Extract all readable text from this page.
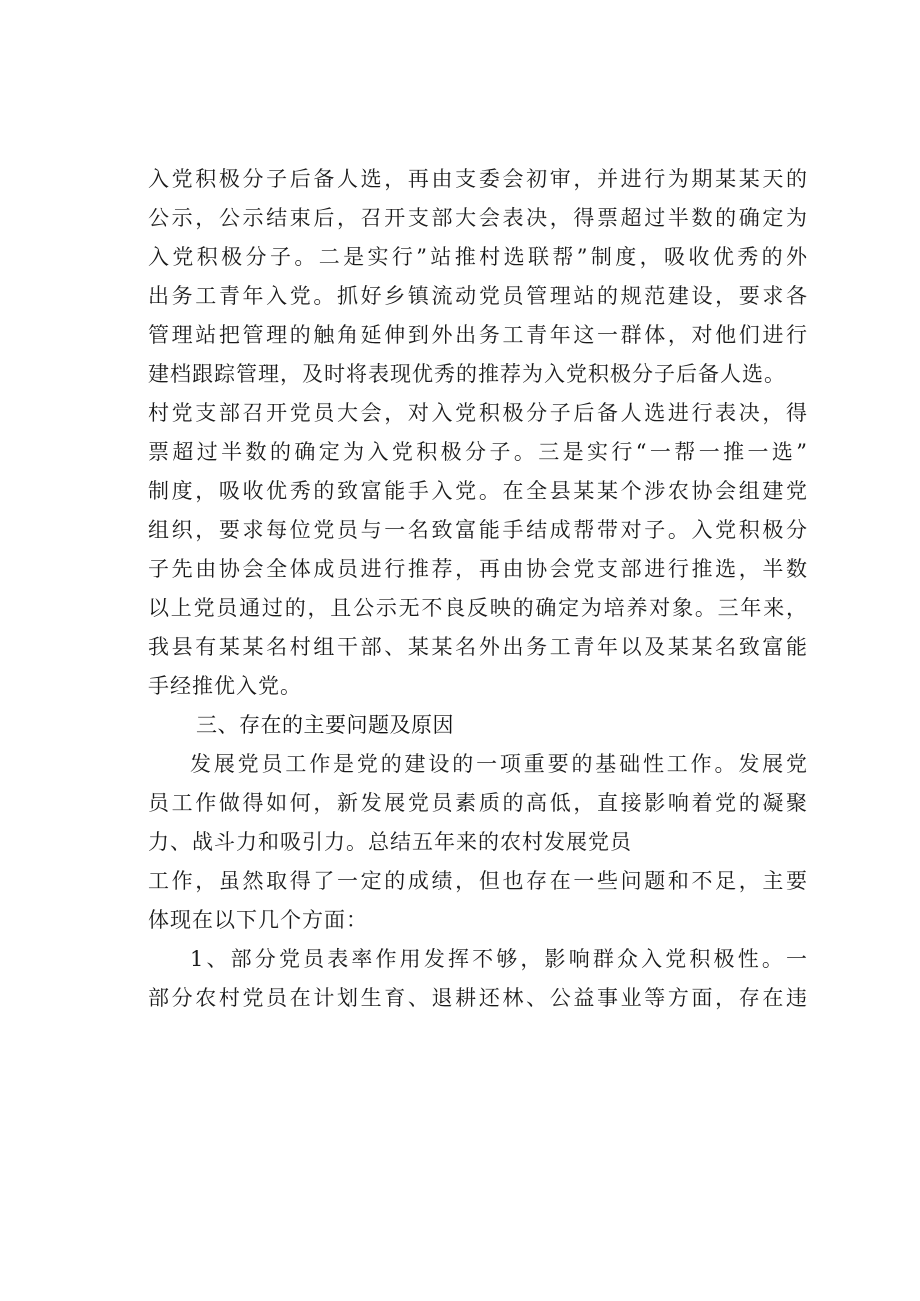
入党积极分子后备人选，再由支委会初审，并进行为期某某天的
公示，公示结束后，召开支部大会表决，得票超过半数的确定为
入党积极分子。二是实行”站推村选联帮”制度，吸收优秀的外
出务工青年入党。抓好乡镇流动党员管理站的规范建设，要求各
管理站把管理的触角延伸到外出务工青年这一群体，对他们进行
建档跟踪管理，及时将表现优秀的推荐为入党积极分子后备人选。
村党支部召开党员大会，对入党积极分子后备人选进行表决，得
票超过半数的确定为入党积极分子。三是实行“一帮一推一选”
制度，吸收优秀的致富能手入党。在全县某某个涉农协会组建党
组织，要求每位党员与一名致富能手结成帮带对子。入党积极分
子先由协会全体成员进行推荐，再由协会党支部进行推选，半数
以上党员通过的，且公示无不良反映的确定为培养对象。三年来，
我县有某某名村组干部、某某名外出务工青年以及某某名致富能
手经推优入党。
三、存在的主要问题及原因
发展党员工作是党的建设的一项重要的基础性工作。发展党
员工作做得如何，新发展党员素质的高低，直接影响着党的凝聚
力、战斗力和吸引力。总结五年来的农村发展党员
工作，虽然取得了一定的成绩，但也存在一些问题和不足，主要
体现在以下几个方面：
1、部分党员表率作用发挥不够，影响群众入党积极性。一
部分农村党员在计划生育、退耕还林、公益事业等方面，存在违
